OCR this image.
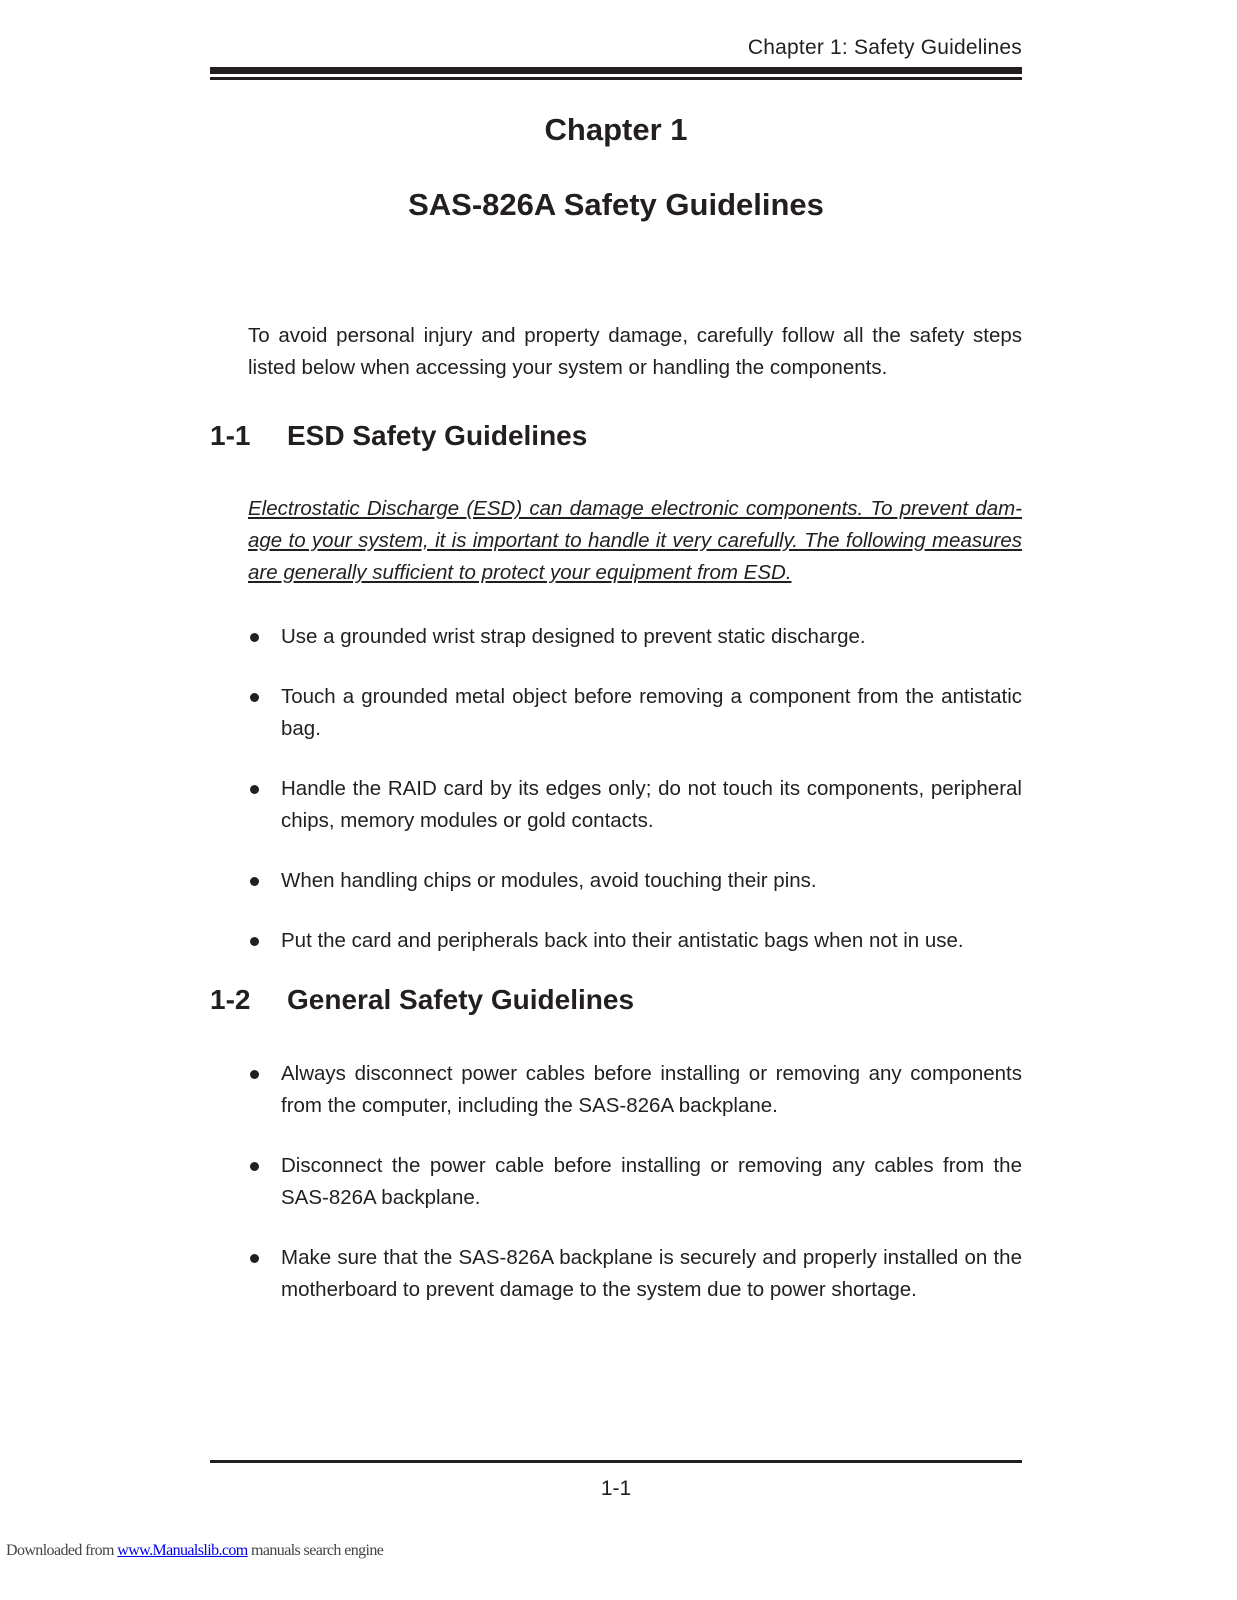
Chapter 1: Safety Guidelines
Chapter 1
SAS-826A Safety Guidelines

To avoid personal injury and property damage, carefully follow all the safety steps listed below when accessing your system or handling the components.

1-1 ESD Safety Guidelines

Electrostatic Discharge (ESD) can damage electronic components. To prevent dam-age to your system, it is important to handle it very carefully. The following measures are generally sufficient to protect your equipment from ESD.

Use a grounded wrist strap designed to prevent static discharge.
Touch a grounded metal object before removing a component from the antistatic bag.
Handle the RAID card by its edges only; do not touch its components, peripheral chips, memory modules or gold contacts.
When handling chips or modules, avoid touching their pins.
Put the card and peripherals back into their antistatic bags when not in use.
1-2 General Safety Guidelines
Always disconnect power cables before installing or removing any components from the computer, including the SAS-826A backplane.
Disconnect the power cable before installing or removing any cables from the SAS-826A backplane.
Make sure that the SAS-826A backplane is securely and properly installed on the motherboard to prevent damage to the system due to power shortage.
1-1
Downloaded from www.Manualslib.com manuals search engine
